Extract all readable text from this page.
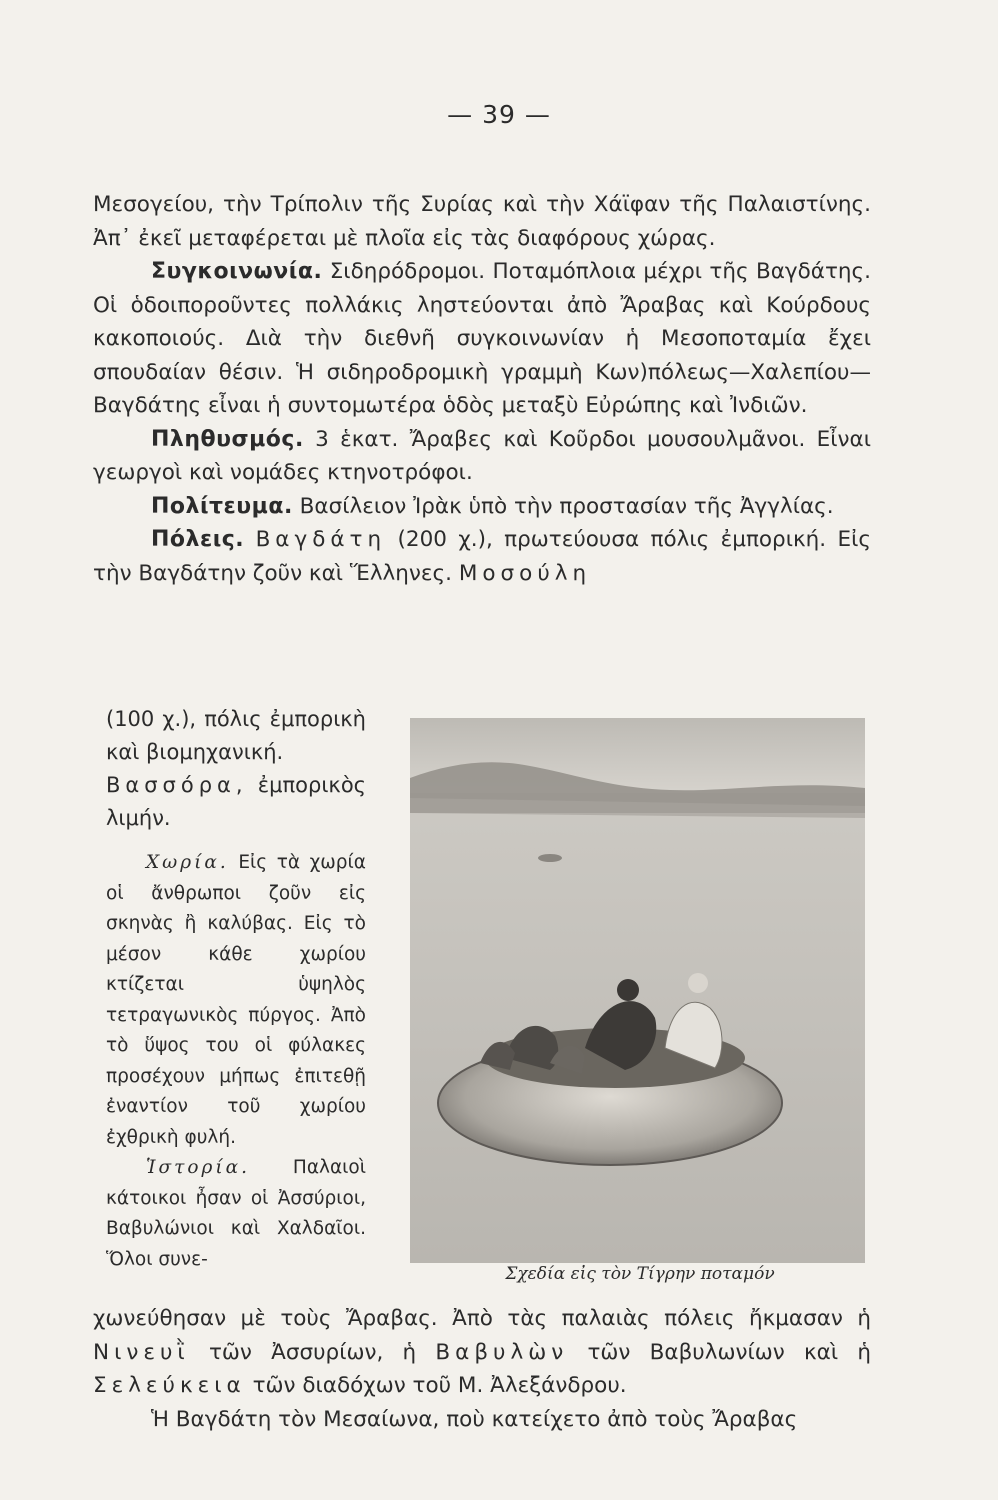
— 39 —

Μεσογείου, τὴν Τρίπολιν τῆς Συρίας καὶ τὴν Χάϊφαν τῆς Παλαιστίνης. Ἀπ᾽ ἐκεῖ μεταφέρεται μὲ πλοῖα εἰς τὰς διαφόρους χώρας.

Συγκοινωνία. Σιδηρόδρομοι. Ποταμόπλοια μέχρι τῆς Βαγδάτης. Οἱ ὁδοιποροῦντες πολλάκις ληστεύονται ἀπὸ Ἄραβας καὶ Κούρδους κακοποιούς. Διὰ τὴν διεθνῆ συγκοινωνίαν ἡ Μεσοποταμία ἔχει σπουδαίαν θέσιν. Ἡ σιδηροδρομικὴ γραμμὴ Κων)πόλεως—Χαλεπίου—Βαγδάτης εἶναι ἡ συντομωτέρα ὁδὸς μεταξὺ Εὐρώπης καὶ Ἰνδιῶν.

Πληθυσμός. 3 ἑκατ. Ἄραβες καὶ Κοῦρδοι μουσουλμᾶνοι. Εἶναι γεωργοὶ καὶ νομάδες κτηνοτρόφοι.

Πολίτευμα. Βασίλειον Ἰρὰκ ὑπὸ τὴν προστασίαν τῆς Ἀγγλίας.

Πόλεις. Βαγδάτη (200 χ.), πρωτεύουσα πόλις ἐμπορική. Εἰς τὴν Βαγδάτην ζοῦν καὶ Ἕλληνες. Μοσούλη

(100 χ.), πόλις ἐμπορικὴ καὶ βιομηχανική.

Βασσόρα, ἐμπορικὸς λιμήν.

Χωρία. Εἰς τὰ χωρία οἱ ἄνθρωποι ζοῦν εἰς σκηνὰς ἢ καλύβας. Εἰς τὸ μέσον κάθε χωρίου κτίζεται ὑψηλὸς τετραγωνικὸς πύργος. Ἀπὸ τὸ ὕψος του οἱ φύλακες προσέχουν μήπως ἐπιτεθῇ ἐναντίον τοῦ χωρίου ἐχθρικὴ φυλή.

Ἱστορία. Παλαιοὶ κάτοικοι ἦσαν οἱ Ἀσσύριοι, Βαβυλώνιοι καὶ Χαλδαῖοι. Ὅλοι συνε-

Σχεδία εἰς τὸν Τίγρην ποταμόν

χωνεύθησαν μὲ τοὺς Ἄραβας. Ἀπὸ τὰς παλαιὰς πόλεις ἤκμασαν ἡ Νινευῒ τῶν Ἀσσυρίων, ἡ Βαβυλὼν τῶν Βαβυλωνίων καὶ ἡ Σελεύκεια τῶν διαδόχων τοῦ Μ. Ἀλεξάνδρου.

Ἡ Βαγδάτη τὸν Μεσαίωνα, ποὺ κατείχετο ἀπὸ τοὺς Ἄραβας
